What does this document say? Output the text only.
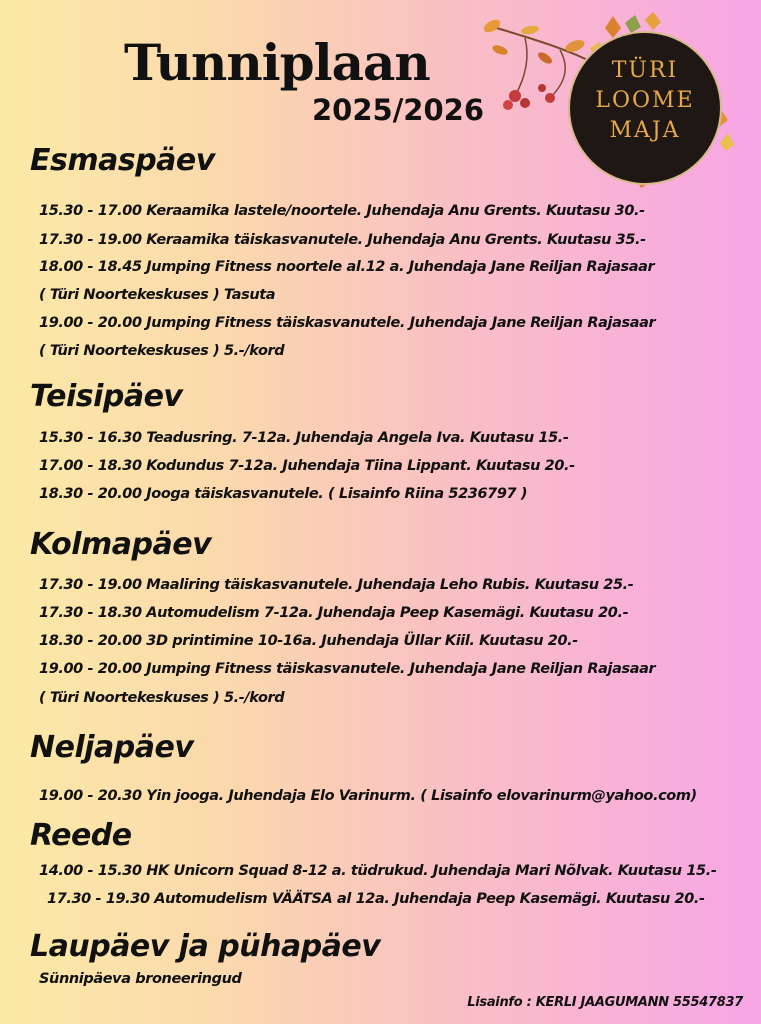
Tunniplaan
2025/2026
TÜRI
LOOME
MAJA
Esmaspäev
15.30 - 17.00 Keraamika lastele/noortele. Juhendaja Anu Grents. Kuutasu 30.-
17.30 - 19.00 Keraamika täiskasvanutele. Juhendaja Anu Grents. Kuutasu 35.-
18.00 - 18.45 Jumping Fitness noortele al.12 a. Juhendaja Jane Reiljan Rajasaar
( Türi Noortekeskuses ) Tasuta
19.00 - 20.00 Jumping Fitness täiskasvanutele. Juhendaja Jane Reiljan Rajasaar
( Türi Noortekeskuses ) 5.-/kord
Teisipäev
15.30 - 16.30 Teadusring. 7-12a. Juhendaja Angela Iva. Kuutasu 15.-
17.00 - 18.30 Kodundus 7-12a. Juhendaja Tiina Lippant. Kuutasu 20.-
18.30 - 20.00 Jooga täiskasvanutele. ( Lisainfo Riina 5236797 )
Kolmapäev
17.30 - 19.00 Maaliring täiskasvanutele. Juhendaja Leho Rubis. Kuutasu 25.-
17.30 - 18.30 Automudelism 7-12a. Juhendaja Peep Kasemägi. Kuutasu 20.-
18.30 - 20.00 3D printimine 10-16a. Juhendaja Üllar Kiil. Kuutasu 20.-
19.00 - 20.00 Jumping Fitness täiskasvanutele. Juhendaja Jane Reiljan Rajasaar
( Türi Noortekeskuses ) 5.-/kord
Neljapäev
19.00 - 20.30 Yin jooga. Juhendaja Elo Varinurm. ( Lisainfo elovarinurm@yahoo.com)
Reede
14.00 - 15.30 HK Unicorn Squad 8-12 a. tüdrukud. Juhendaja Mari Nõlvak. Kuutasu 15.-
17.30 - 19.30 Automudelism VÄÄTSA al 12a. Juhendaja Peep Kasemägi. Kuutasu 20.-
Laupäev ja pühapäev
Sünnipäeva broneeringud
Lisainfo : KERLI JAAGUMANN 55547837
